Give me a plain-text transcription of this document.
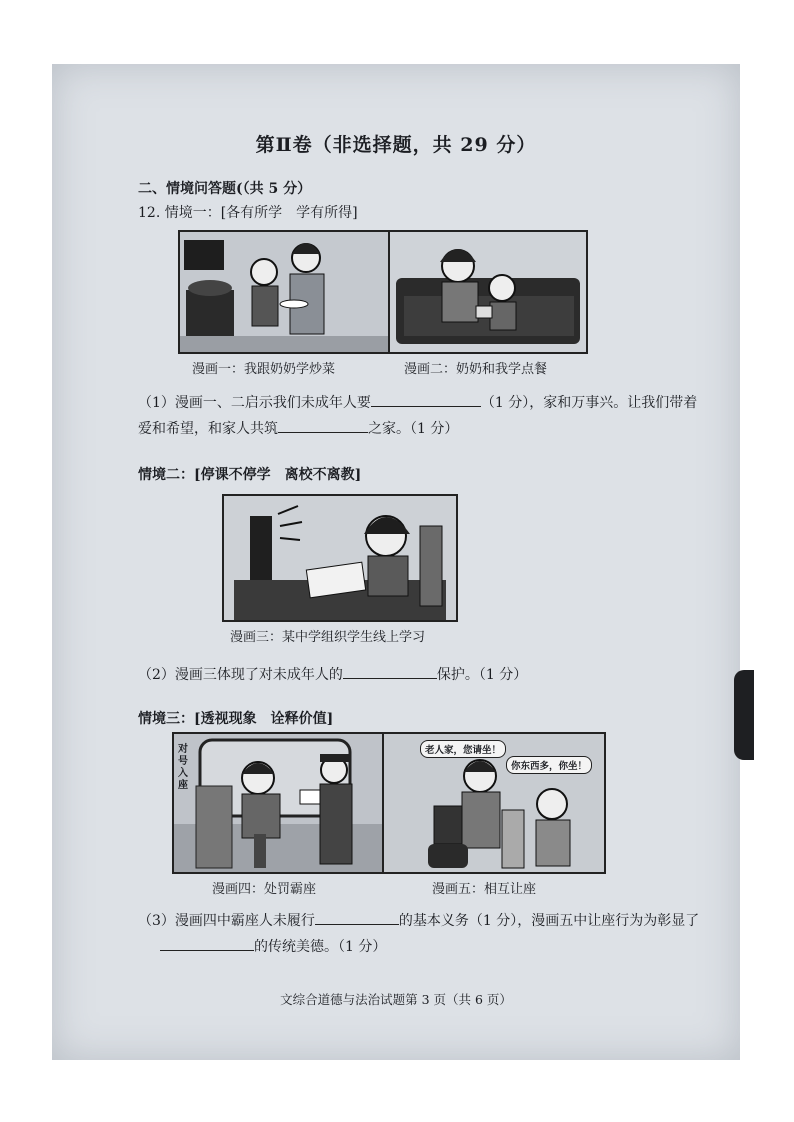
第Ⅱ卷（非选择题，共 29 分）
二、情境问答题(（共 5 分）
12. 情境一：[各有所学　学有所得]
漫画一：我跟奶奶学炒菜	漫画二：奶奶和我学点餐
（1）漫画一、二启示我们未成年人要	（1 分），家和万事兴。让我们带着
爱和希望，和家人共筑	之家。（1 分）
情境二：[停课不停学　离校不离教]
漫画三：某中学组织学生线上学习
（2）漫画三体现了对未成年人的	保护。（1 分）
情境三：[透视现象　诠释价值]
对号入座
老人家，您请坐！
你东西多，你坐！
漫画四：处罚霸座	漫画五：相互让座
（3）漫画四中霸座人未履行	的基本义务（1 分），漫画五中让座行为为彰显了
的传统美德。（1 分）
文综合道德与法治试题第 3 页（共 6 页）
